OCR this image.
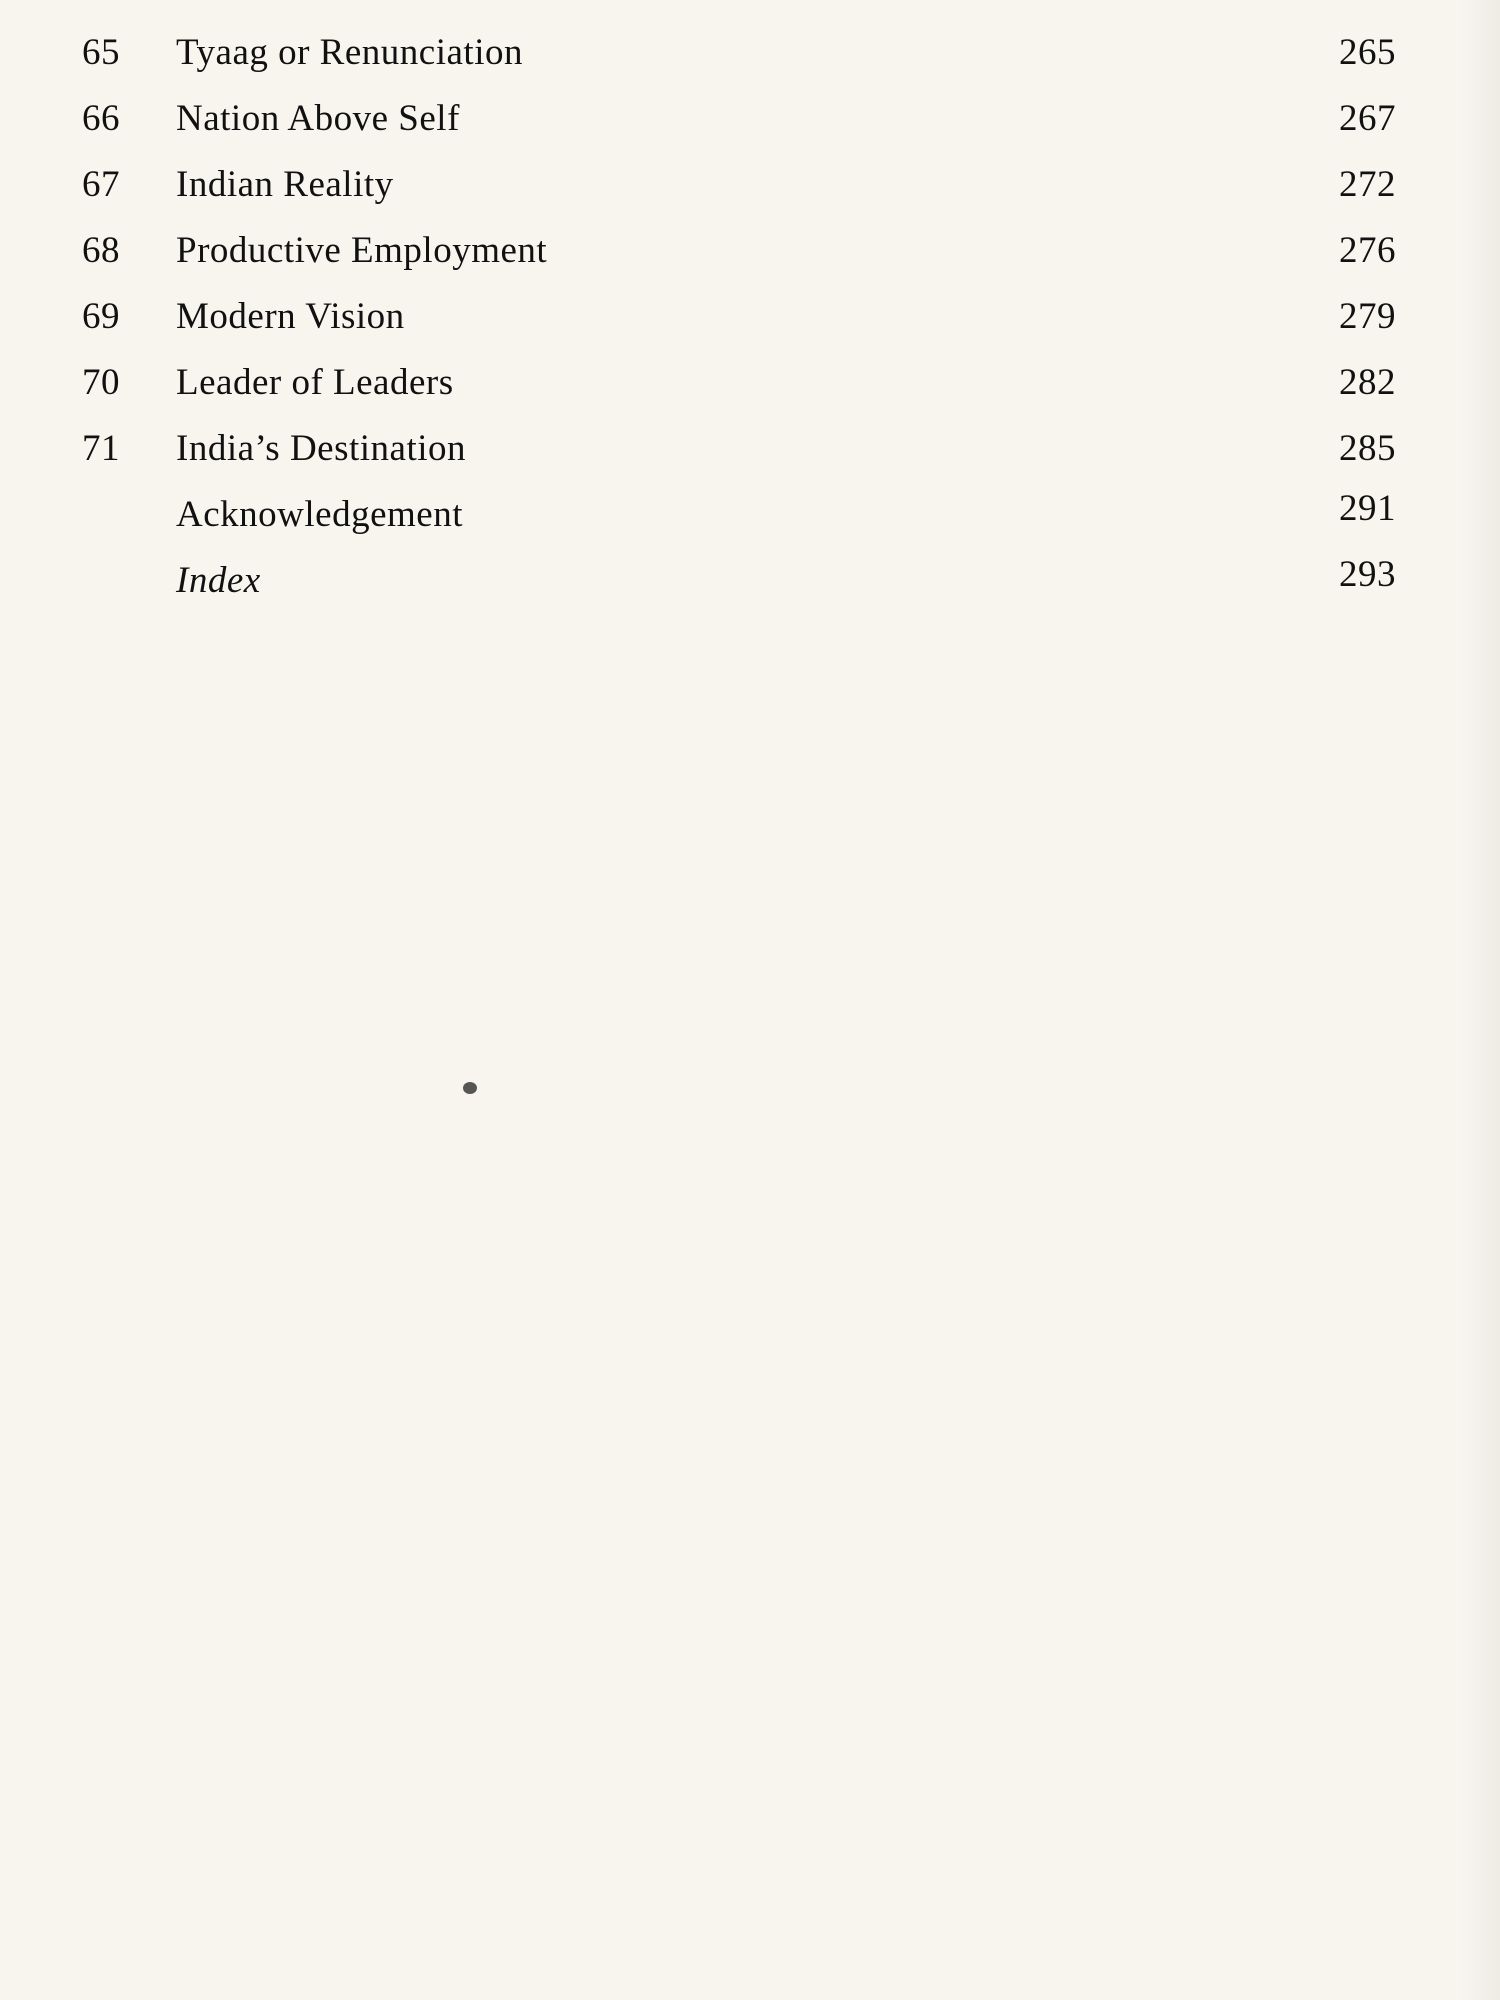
65 Tyaag or Renunciation	265
66 Nation Above Self	267
67 Indian Reality	272
68 Productive Employment	276
69 Modern Vision	279
70 Leader of Leaders	282
71 India’s Destination	285
Acknowledgement	291
Index	293
